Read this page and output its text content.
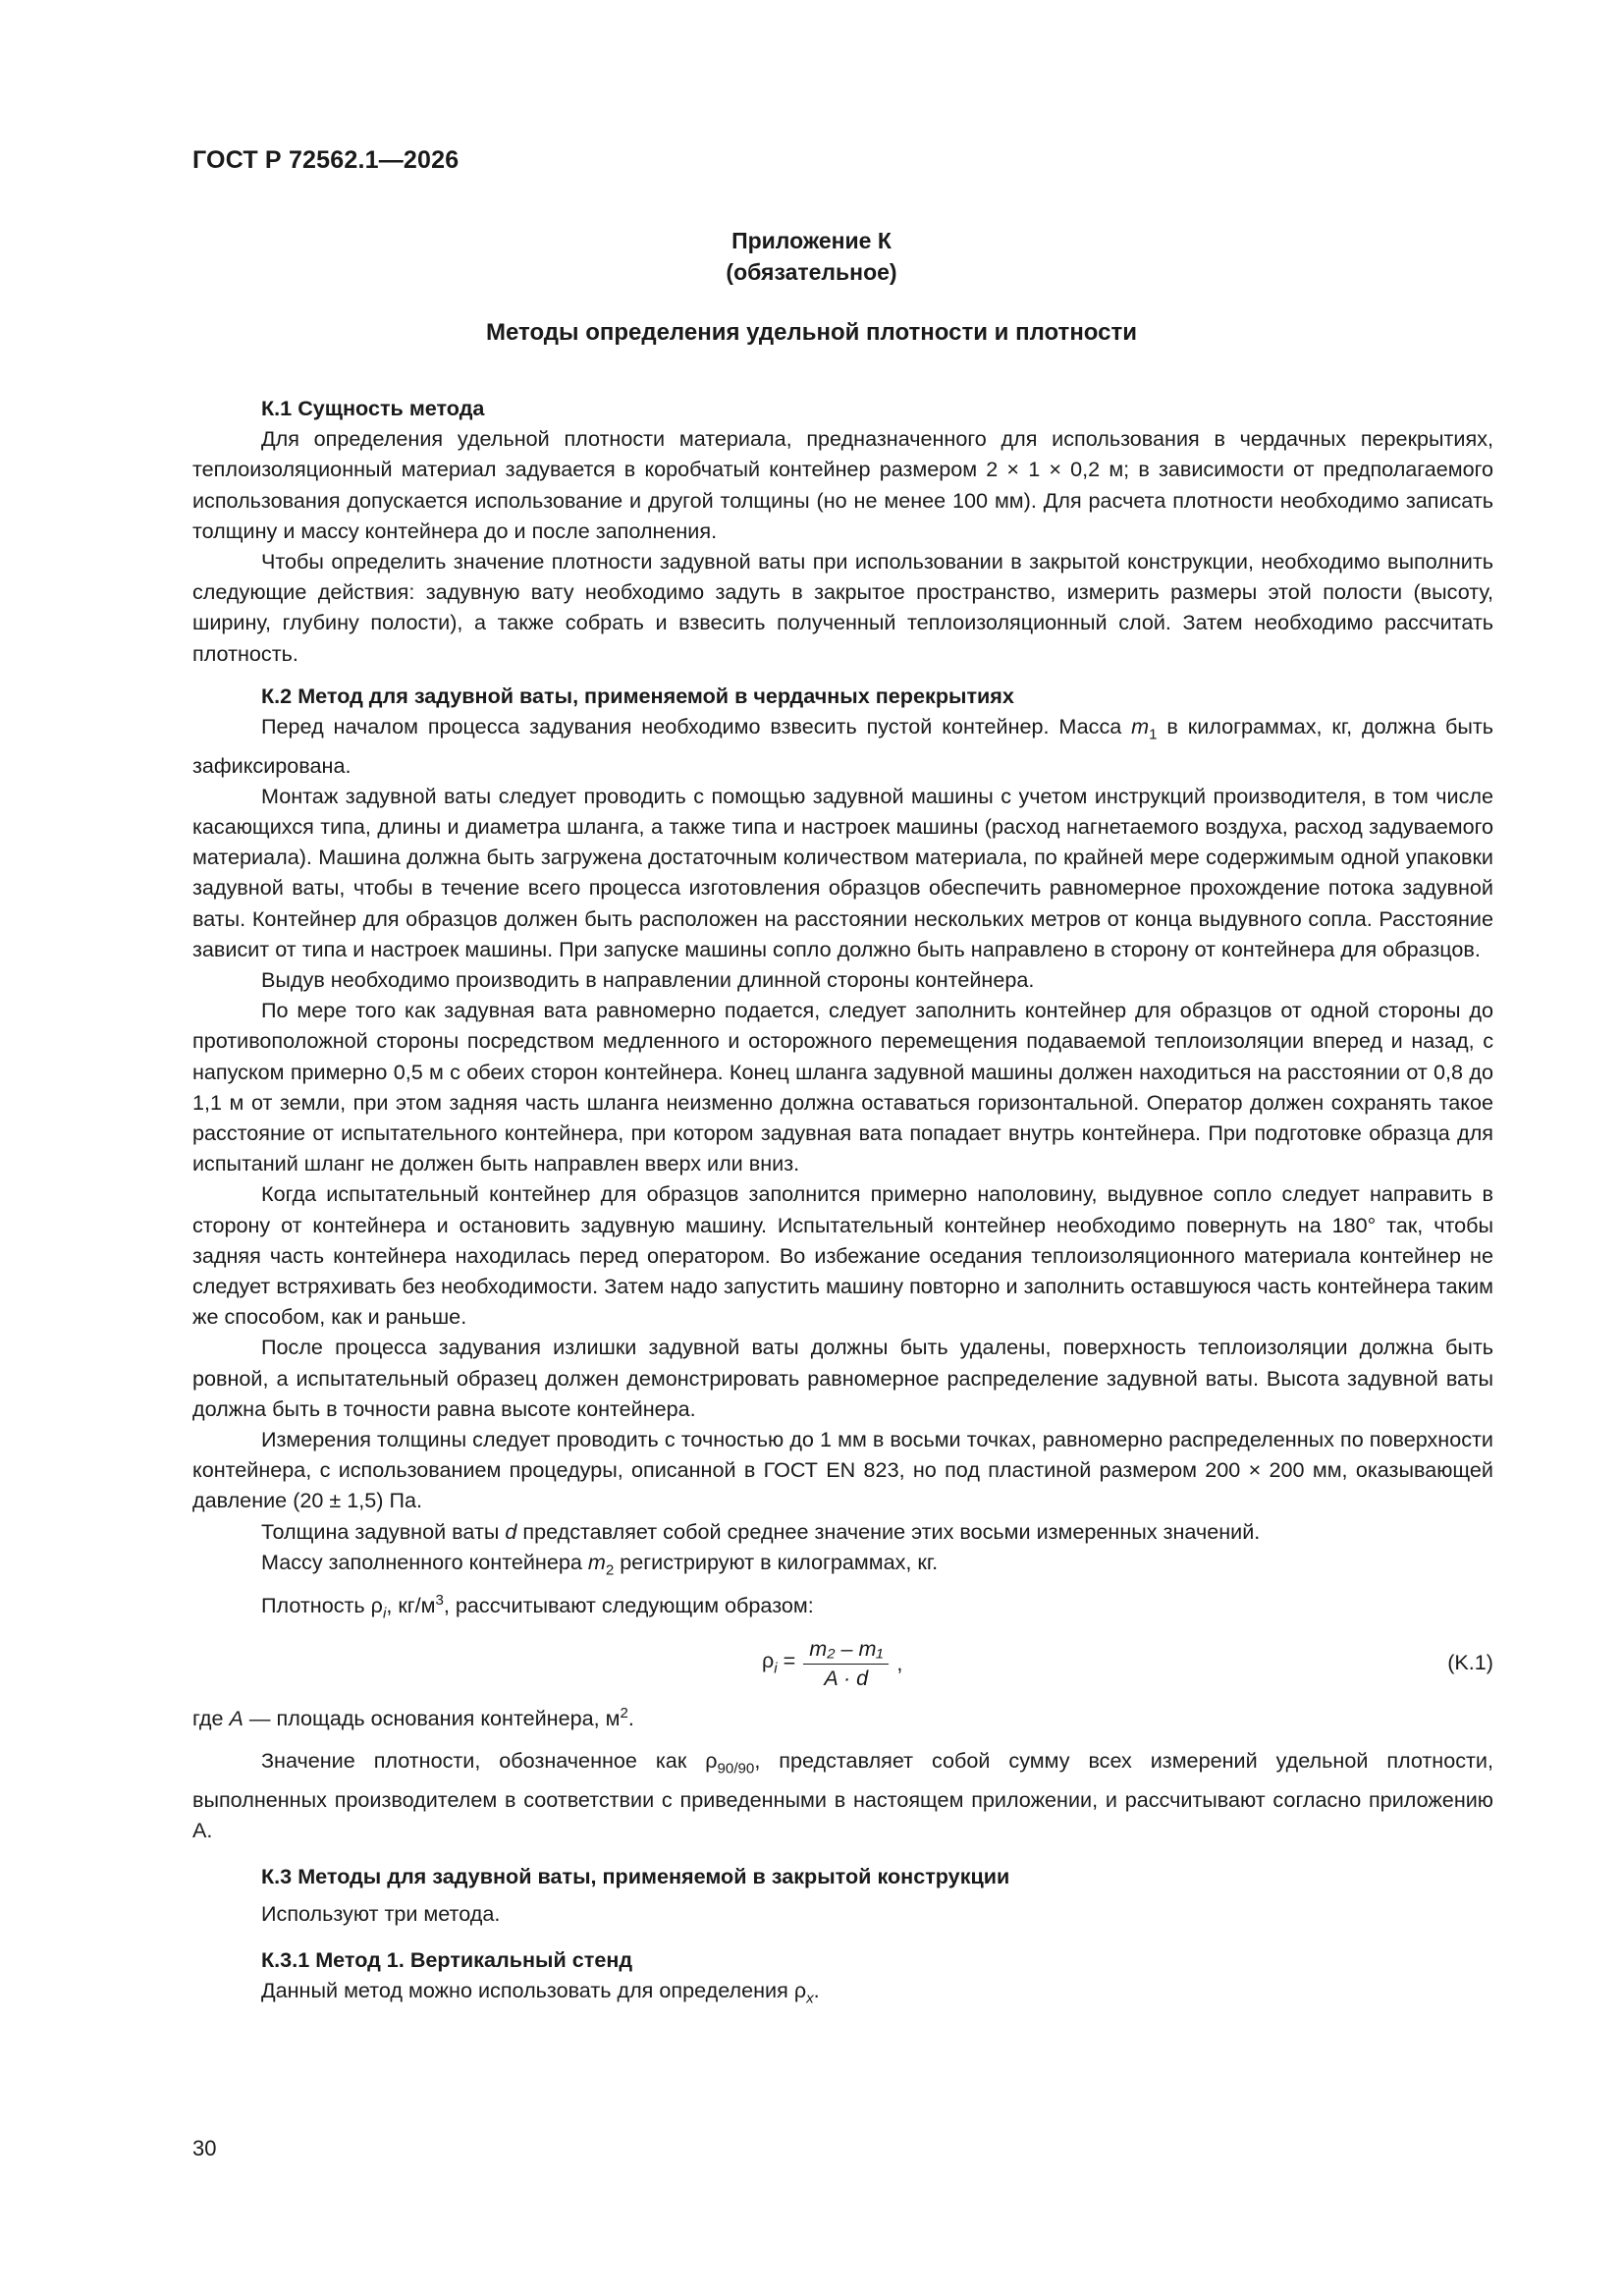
ГОСТ Р 72562.1—2026
Приложение К
(обязательное)
Методы определения удельной плотности и плотности
К.1 Сущность метода

Для определения удельной плотности материала, предназначенного для использования в чердачных перекрытиях, теплоизоляционный материал задувается в коробчатый контейнер размером 2 × 1 × 0,2 м; в зависимости от предполагаемого использования допускается использование и другой толщины (но не менее 100 мм). Для расчета плотности необходимо записать толщину и массу контейнера до и после заполнения.

Чтобы определить значение плотности задувной ваты при использовании в закрытой конструкции, необходимо выполнить следующие действия: задувную вату необходимо задуть в закрытое пространство, измерить размеры этой полости (высоту, ширину, глубину полости), а также собрать и взвесить полученный теплоизоляционный слой. Затем необходимо рассчитать плотность.

К.2 Метод для задувной ваты, применяемой в чердачных перекрытиях

Перед началом процесса задувания необходимо взвесить пустой контейнер. Масса $m_1$ в килограммах, кг, должна быть зафиксирована.

Монтаж задувной ваты следует проводить с помощью задувной машины с учетом инструкций производителя, в том числе касающихся типа, длины и диаметра шланга, а также типа и настроек машины (расход нагнетаемого воздуха, расход задуваемого материала). Машина должна быть загружена достаточным количеством материала, по крайней мере содержимым одной упаковки задувной ваты, чтобы в течение всего процесса изготовления образцов обеспечить равномерное прохождение потока задувной ваты. Контейнер для образцов должен быть расположен на расстоянии нескольких метров от конца выдувного сопла. Расстояние зависит от типа и настроек машины. При запуске машины сопло должно быть направлено в сторону от контейнера для образцов.

Выдув необходимо производить в направлении длинной стороны контейнера.

По мере того как задувная вата равномерно подается, следует заполнить контейнер для образцов от одной стороны до противоположной стороны посредством медленного и осторожного перемещения подаваемой теплоизоляции вперед и назад, с напуском примерно 0,5 м с обеих сторон контейнера. Конец шланга задувной машины должен находиться на расстоянии от 0,8 до 1,1 м от земли, при этом задняя часть шланга неизменно должна оставаться горизонтальной. Оператор должен сохранять такое расстояние от испытательного контейнера, при котором задувная вата попадает внутрь контейнера. При подготовке образца для испытаний шланг не должен быть направлен вверх или вниз.

Когда испытательный контейнер для образцов заполнится примерно наполовину, выдувное сопло следует направить в сторону от контейнера и остановить задувную машину. Испытательный контейнер необходимо повернуть на 180° так, чтобы задняя часть контейнера находилась перед оператором. Во избежание оседания теплоизоляционного материала контейнер не следует встряхивать без необходимости. Затем надо запустить машину повторно и заполнить оставшуюся часть контейнера таким же способом, как и раньше.

После процесса задувания излишки задувной ваты должны быть удалены, поверхность теплоизоляции должна быть ровной, а испытательный образец должен демонстрировать равномерное распределение задувной ваты. Высота задувной ваты должна быть в точности равна высоте контейнера.

Измерения толщины следует проводить с точностью до 1 мм в восьми точках, равномерно распределенных по поверхности контейнера, с использованием процедуры, описанной в ГОСТ EN 823, но под пластиной размером 200 × 200 мм, оказывающей давление (20 ± 1,5) Па.

Толщина задувной ваты d представляет собой среднее значение этих восьми измеренных значений.

Массу заполненного контейнера $m_2$ регистрируют в килограммах, кг.

Плотность $\rho_i$, $кг/м^3$, рассчитывают следующим образом:

$\rho_i = \frac{\text{m₂ – m₁}}{A \cdot d}$ ,	(K.1)

где A — площадь основания контейнера, $м^2$.

Значение плотности, обозначенное как $\rho_{90/90}$, представляет собой сумму всех измерений удельной плотности, выполненных производителем в соответствии с приведенными в настоящем приложении, и рассчитывают согласно приложению А.

К.3 Методы для задувной ваты, применяемой в закрытой конструкции

Используют три метода.

К.3.1 Метод 1. Вертикальный стенд

Данный метод можно использовать для определения $\rho_x$.

30
